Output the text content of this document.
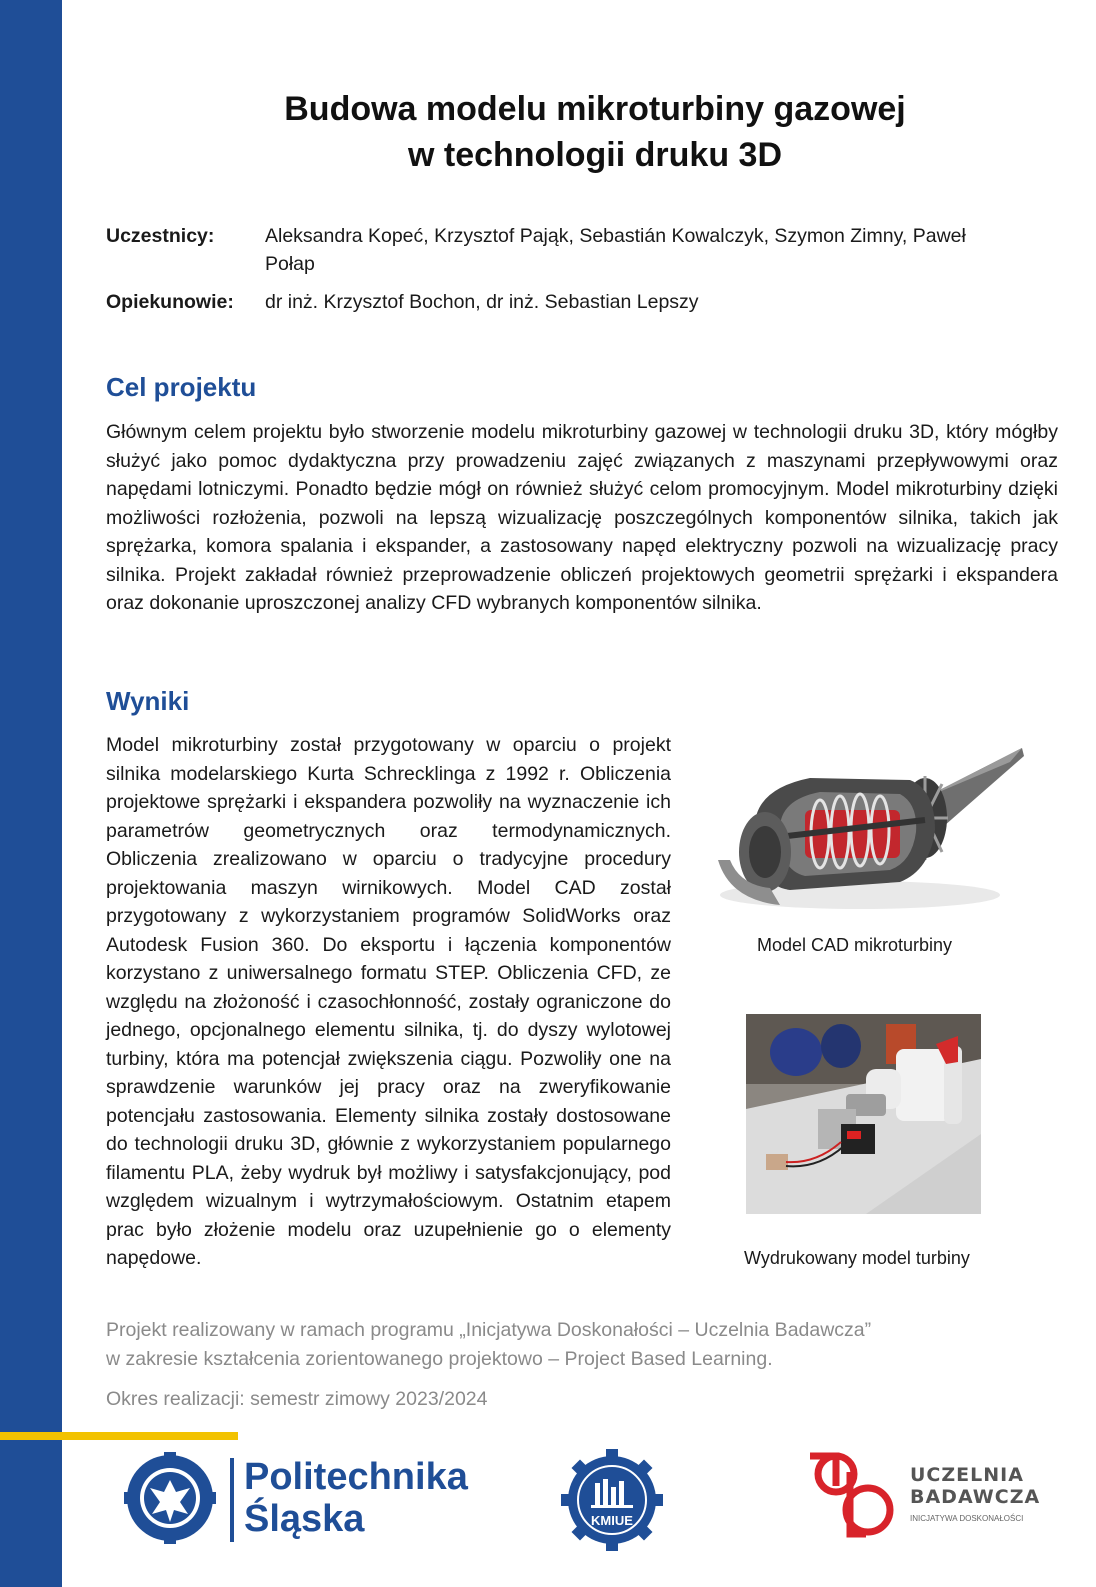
Budowa modelu mikroturbiny gazowej
w technologii druku 3D
Uczestnicy:	Aleksandra Kopeć, Krzysztof Pająk, Sebastián Kowalczyk, Szymon Zimny, Paweł Połap
Opiekunowie: dr inż. Krzysztof Bochon, dr inż. Sebastian Lepszy
Cel projektu
Głównym celem projektu było stworzenie modelu mikroturbiny gazowej w technologii druku 3D, który mógłby służyć jako pomoc dydaktyczna przy prowadzeniu zajęć związanych z maszynami przepływowymi oraz napędami lotniczymi. Ponadto będzie mógł on również służyć celom promocyjnym. Model mikroturbiny dzięki możliwości rozłożenia, pozwoli na lepszą wizualizację poszczególnych komponentów silnika, takich jak sprężarka, komora spalania i ekspander, a zastosowany napęd elektryczny pozwoli na wizualizację pracy silnika. Projekt zakładał również przeprowadzenie obliczeń projektowych geometrii sprężarki i ekspandera oraz dokonanie uproszczonej analizy CFD wybranych komponentów silnika.
Wyniki
Model mikroturbiny został przygotowany w oparciu o projekt silnika modelarskiego Kurta Schrecklinga z 1992 r. Obliczenia projektowe sprężarki i ekspandera pozwoliły na wyznaczenie ich parametrów geometrycznych oraz termodynamicznych. Obliczenia zrealizowano w oparciu o tradycyjne procedury projektowania maszyn wirnikowych. Model CAD został przygotowany z wykorzystaniem programów SolidWorks oraz Autodesk Fusion 360. Do eksportu i łączenia komponentów korzystano z uniwersalnego formatu STEP. Obliczenia CFD, ze względu na złożoność i czasochłonność, zostały ograniczone do jednego, opcjonalnego elementu silnika, tj. do dyszy wylotowej turbiny, która ma potencjał zwiększenia ciągu. Pozwoliły one na sprawdzenie warunków jej pracy oraz na zweryfikowanie potencjału zastosowania. Elementy silnika zostały dostosowane do technologii druku 3D, głównie z wykorzystaniem popularnego filamentu PLA, żeby wydruk był możliwy i satysfakcjonujący, pod względem wizualnym i wytrzymałościowym. Ostatnim etapem prac było złożenie modelu oraz uzupełnienie go o elementy napędowe.
Model CAD mikroturbiny
Wydrukowany model turbiny
Projekt realizowany w ramach programu „Inicjatywa Doskonałości – Uczelnia Badawcza”
w zakresie kształcenia zorientowanego projektowo – Project Based Learning.
Okres realizacji: semestr zimowy 2023/2024
Politechnika
Śląska	KMIUE
UCZELNIA
BADAWCZA
INICJATYWA DOSKONAŁOŚCI
